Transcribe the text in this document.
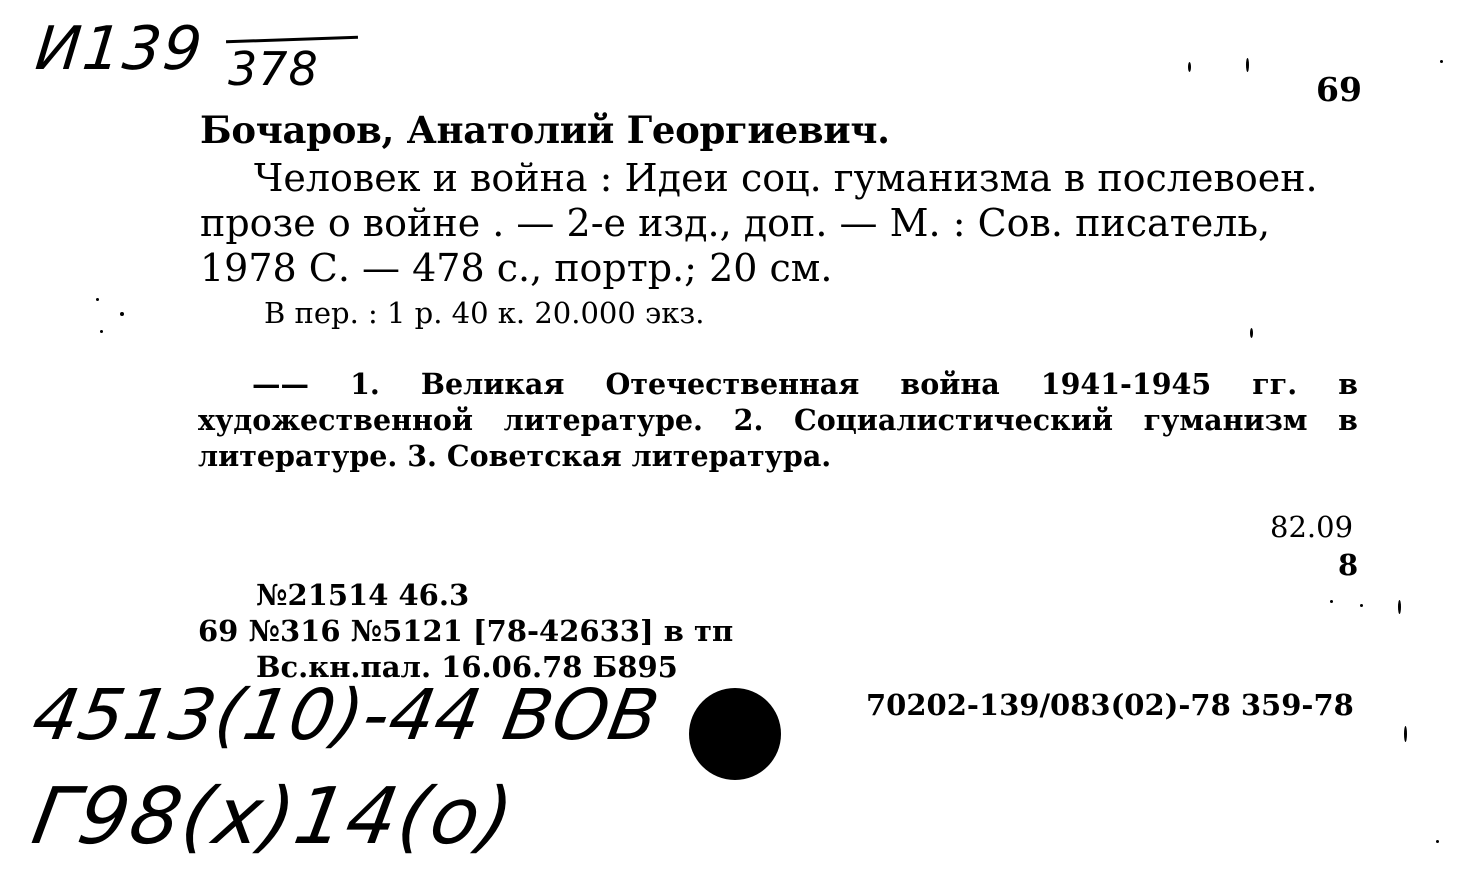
И139 378	69
Бочаров, Анатолий Георгиевич.
Человек и война : Идеи соц. гуманизма в послевоен. прозе о войне . — 2-е изд., доп. — М. : Сов. писатель, 1978 С. — 478 с., портр.; 20 см.
В пер. : 1 р. 40 к. 20.000 экз.
—— 1. Великая Отечественная война 1941-1945 гг. в художественной литературе. 2. Социалистический гуманизм в литературе. 3. Советская литература.
82.09
8
№21514 46.3
69 №316 №5121 [78-42633] в тп
Вс.кн.пал. 16.06.78 Б895
70202-139/083(02)-78 359-78
4513(10)-44 ВОВ
Г98(х)14(о)
